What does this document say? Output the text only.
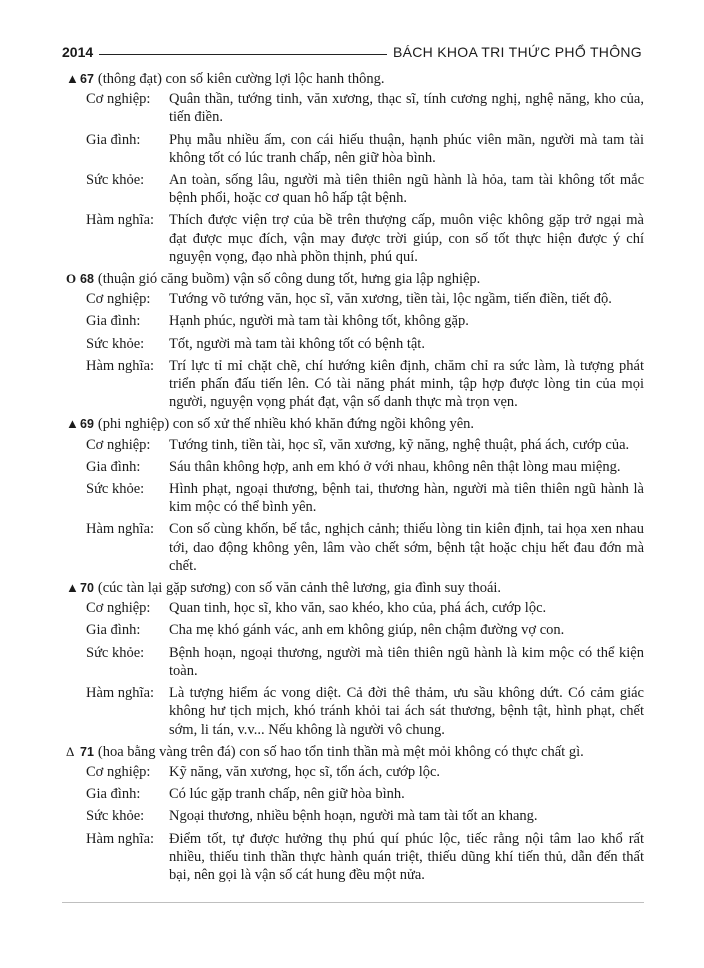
2014	BÁCH KHOA TRI THỨC PHỔ THÔNG
▲
67 (thông đạt) con số kiên cường lợi lộc hanh thông.
Cơ nghiệp:	Quân thần, tướng tinh, văn xương, thạc sĩ, tính cương nghị, nghệ năng, kho của, tiến điền.
Gia đình:	Phụ mẫu nhiều ấm, con cái hiếu thuận, hạnh phúc viên mãn, người mà tam tài không tốt có lúc tranh chấp, nên giữ hòa bình.
Sức khỏe:	An toàn, sống lâu, người mà tiên thiên ngũ hành là hỏa, tam tài không tốt mắc bệnh phổi, hoặc cơ quan hô hấp tật bệnh.
Hàm nghĩa:	Thích được viện trợ của bề trên thượng cấp, muôn việc không gặp trở ngại mà đạt được mục đích, vận may được trời giúp, con số tốt thực hiện được ý chí nguyện vọng, đạo nhà phồn thịnh, phú quí.
O
68 (thuận gió căng buồm) vận số công dung tốt, hưng gia lập nghiệp.
Cơ nghiệp:	Tướng võ tướng văn, học sĩ, văn xương, tiền tài, lộc ngầm, tiến điền, tiết độ.
Gia đình:	Hạnh phúc, người mà tam tài không tốt, không gặp.
Sức khỏe:	Tốt, người mà tam tài không tốt có bệnh tật.
Hàm nghĩa:	Trí lực tỉ mỉ chặt chẽ, chí hướng kiên định, chăm chỉ ra sức làm, là tượng phát triển phấn đấu tiến lên. Có tài năng phát minh, tập hợp được lòng tin của mọi người, nguyện vọng phát đạt, vận số danh thực mà trọn vẹn.
▲
69 (phi nghiệp) con số xử thế nhiều khó khăn đứng ngồi không yên.
Cơ nghiệp:	Tướng tinh, tiền tài, học sĩ, văn xương, kỹ năng, nghệ thuật, phá ách, cướp của.
Gia đình:	Sáu thân không hợp, anh em khó ở với nhau, không nên thật lòng mau miệng.
Sức khỏe:	Hình phạt, ngoại thương, bệnh tai, thương hàn, người mà tiên thiên ngũ hành là kim mộc có thể bình yên.
Hàm nghĩa:	Con số cùng khốn, bế tắc, nghịch cảnh; thiếu lòng tin kiên định, tai họa xen nhau tới, dao động không yên, lâm vào chết sớm, bệnh tật hoặc chịu hết đau đớn mà chết.
▲
70 (cúc tàn lại gặp sương) con số văn cảnh thê lương, gia đình suy thoái.
Cơ nghiệp:	Quan tinh, học sĩ, kho văn, sao khéo, kho của, phá ách, cướp lộc.
Gia đình:	Cha mẹ khó gánh vác, anh em không giúp, nên chậm đường vợ con.
Sức khỏe:	Bệnh hoạn, ngoại thương, người mà tiên thiên ngũ hành là kim mộc có thể kiện toàn.
Hàm nghĩa:	Là tượng hiểm ác vong diệt. Cả đời thê thảm, ưu sầu không dứt. Có cảm giác không hư tịch mịch, khó tránh khỏi tai ách sát thương, bệnh tật, hình phạt, chết sớm, li tán, v.v... Nếu không là người vô chung.
Δ
71 (hoa bằng vàng trên đá) con số hao tổn tinh thần mà mệt mỏi không có thực chất gì.
Cơ nghiệp:	Kỹ năng, văn xương, học sĩ, tổn ách, cướp lộc.
Gia đình:	Có lúc gặp tranh chấp, nên giữ hòa bình.
Sức khỏe:	Ngoại thương, nhiều bệnh hoạn, người mà tam tài tốt an khang.
Hàm nghĩa:	Điểm tốt, tự được hưởng thụ phú quí phúc lộc, tiếc rằng nội tâm lao khổ rất nhiều, thiếu tinh thần thực hành quán triệt, thiếu dũng khí tiến thủ, dẫn đến thất bại, nên gọi là vận số cát hung đều một nửa.
